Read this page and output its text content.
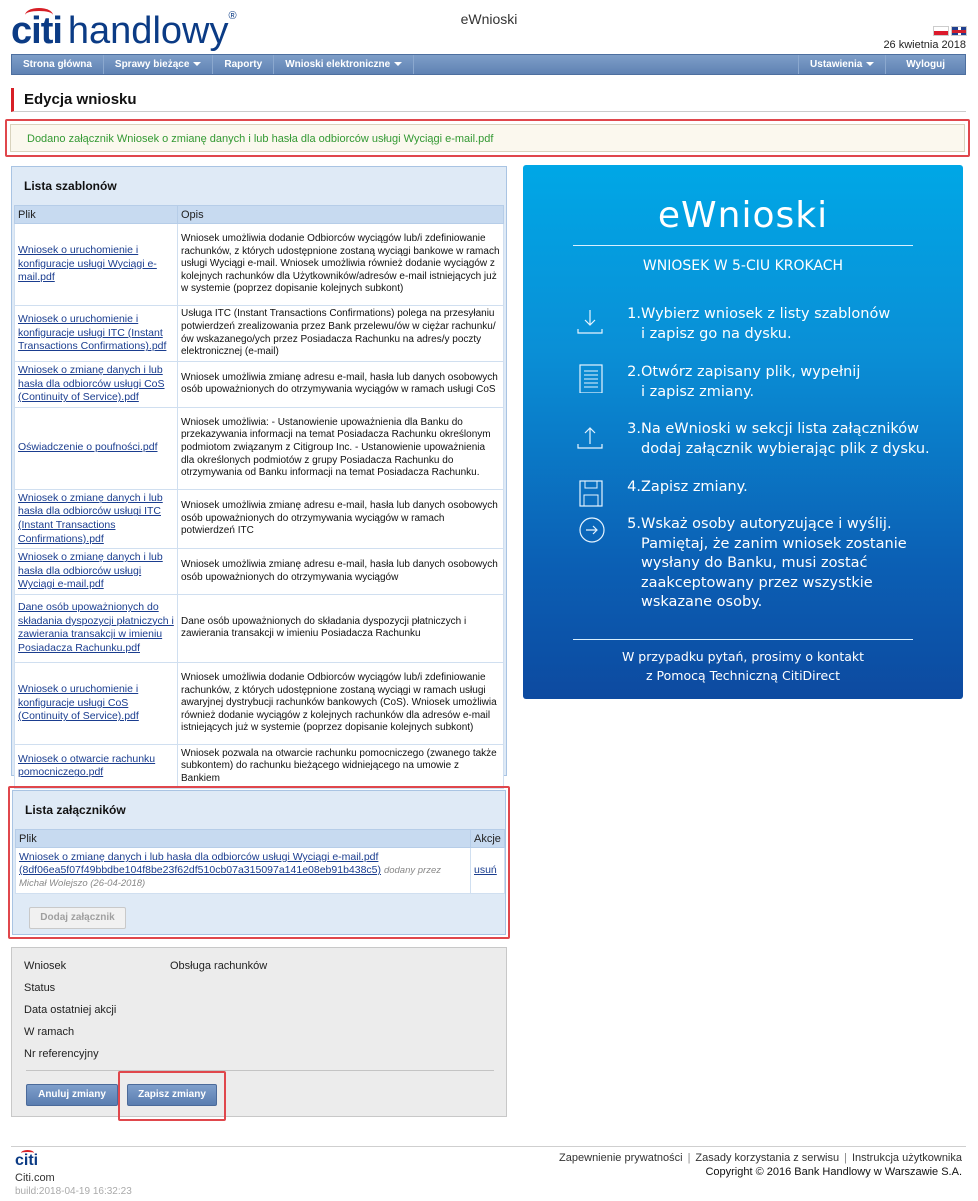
citi handlowy ®	eWnioski
26 kwietnia 2018
Strona główna	Sprawy bieżące	Raporty	Wnioski elektroniczne	Ustawienia	Wyloguj
Edycja wniosku
Dodano załącznik Wniosek o zmianę danych i lub hasła dla odbiorców usługi Wyciągi e-mail.pdf
Lista szablonów
Plik	Opis
Wniosek o uruchomienie i konfiguracje usługi Wyciągi e-mail.pdf	Wniosek umożliwia dodanie Odbiorców wyciągów lub/i zdefiniowanie rachunków, z których udostępnione zostaną wyciągi bankowe w ramach usługi Wyciągi e-mail. Wniosek umożliwia również dodanie wyciągów z kolejnych rachunków dla Użytkowników/adresów e-mail istniejących już w systemie (poprzez dopisanie kolejnych subkont)
Wniosek o uruchomienie i konfiguracje usługi ITC (Instant Transactions Confirmations).pdf	Usługa ITC (Instant Transactions Confirmations) polega na przesyłaniu potwierdzeń zrealizowania przez Bank przelewu/ów w ciężar rachunku/ów wskazanego/ych przez Posiadacza Rachunku na adres/y poczty elektronicznej (e-mail)
Wniosek o zmianę danych i lub hasła dla odbiorców usługi CoS (Continuity of Service).pdf	Wniosek umożliwia zmianę adresu e-mail, hasła lub danych osobowych osób upoważnionych do otrzymywania wyciągów w ramach usługi CoS
Oświadczenie o poufności.pdf	Wniosek umożliwia: - Ustanowienie upoważnienia dla Banku do przekazywania informacji na temat Posiadacza Rachunku określonym podmiotom związanym z Citigroup Inc. - Ustanowienie upoważnienia dla określonych podmiotów z grupy Posiadacza Rachunku do otrzymywania od Banku informacji na temat Posiadacza Rachunku.
Wniosek o zmianę danych i lub hasła dla odbiorców usługi ITC (Instant Transactions Confirmations).pdf	Wniosek umożliwia zmianę adresu e-mail, hasła lub danych osobowych osób upoważnionych do otrzymywania wyciągów w ramach potwierdzeń ITC
Wniosek o zmianę danych i lub hasła dla odbiorców usługi Wyciągi e-mail.pdf	Wniosek umożliwia zmianę adresu e-mail, hasła lub danych osobowych osób upoważnionych do otrzymywania wyciągów
Dane osób upoważnionych do składania dyspozycji płatniczych i zawierania transakcji w imieniu Posiadacza Rachunku.pdf	Dane osób upoważnionych do składania dyspozycji płatniczych i zawierania transakcji w imieniu Posiadacza Rachunku
Wniosek o uruchomienie i konfiguracje usługi CoS (Continuity of Service).pdf	Wniosek umożliwia dodanie Odbiorców wyciągów lub/i zdefiniowanie rachunków, z których udostępnione zostaną wyciągi w ramach usługi awaryjnej dystrybucji rachunków bankowych (CoS). Wniosek umożliwia również dodanie wyciągów z kolejnych rachunków dla adresów e-mail istniejących już w systemie (poprzez dopisanie kolejnych subkont)
Wniosek o otwarcie rachunku pomocniczego.pdf	Wniosek pozwala na otwarcie rachunku pomocniczego (zwanego także subkontem) do rachunku bieżącego widniejącego na umowie z Bankiem
Lista załączników
Plik	Akcje
Wniosek o zmianę danych i lub hasła dla odbiorców usługi Wyciągi e-mail.pdf
(8df06ea5f07f49bbdbe104f8be23f62df510cb07a315097a141e08eb91b438c5) dodany przez
Michał Wolejszo (26-04-2018)	usuń
Dodaj załącznik
Wniosek	Obsługa rachunków
Status
Data ostatniej akcji
W ramach
Nr referencyjny
Anuluj zmiany	Zapisz zmiany
eWnioski
WNIOSEK W 5-CIU KROKACH
1. Wybierz wniosek z listy szablonów
i zapisz go na dysku.
2. Otwórz zapisany plik, wypełnij
i zapisz zmiany.
3. Na eWnioski w sekcji lista załączników
dodaj załącznik wybierając plik z dysku.
4. Zapisz zmiany.
5. Wskaż osoby autoryzujące i wyślij.
Pamiętaj, że zanim wniosek zostanie
wysłany do Banku, musi zostać
zaakceptowany przez wszystkie
wskazane osoby.
W przypadku pytań, prosimy o kontakt
z Pomocą Techniczną CitiDirect
citi
Citi.com
build:2018-04-19 16:32:23
Zapewnienie prywatności | Zasady korzystania z serwisu | Instrukcja użytkownika
Copyright © 2016 Bank Handlowy w Warszawie S.A.
